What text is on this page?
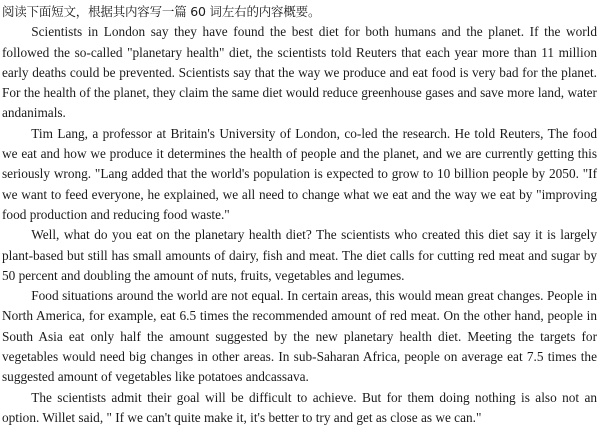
阅读下面短文，根据其内容写一篇 60 词左右的内容概要。

Scientists in London say they have found the best diet for both humans and the planet. If the world followed the so-called "planetary health" diet, the scientists told Reuters that each year more than 11 million early deaths could be prevented. Scientists say that the way we produce and eat food is very bad for the planet. For the health of the planet, they claim the same diet would reduce greenhouse gases and save more land, water andanimals.

Tim Lang, a professor at Britain's University of London, co-led the research. He told Reuters, The food we eat and how we produce it determines the health of people and the planet, and we are currently getting this seriously wrong. "Lang added that the world's population is expected to grow to 10 billion people by 2050. "If we want to feed everyone, he explained, we all need to change what we eat and the way we eat by "improving food production and reducing food waste."

Well, what do you eat on the planetary health diet? The scientists who created this diet say it is largely plant-based but still has small amounts of dairy, fish and meat. The diet calls for cutting red meat and sugar by 50 percent and doubling the amount of nuts, fruits, vegetables and legumes.

Food situations around the world are not equal. In certain areas, this would mean great changes. People in North America, for example, eat 6.5 times the recommended amount of red meat. On the other hand, people in South Asia eat only half the amount suggested by the new planetary health diet. Meeting the targets for vegetables would need big changes in other areas. In sub-Saharan Africa, people on average eat 7.5 times the suggested amount of vegetables like potatoes andcassava.

The scientists admit their goal will be difficult to achieve. But for them doing nothing is also not an option. Willet said, " If we can't quite make it, it's better to try and get as close as we can."
